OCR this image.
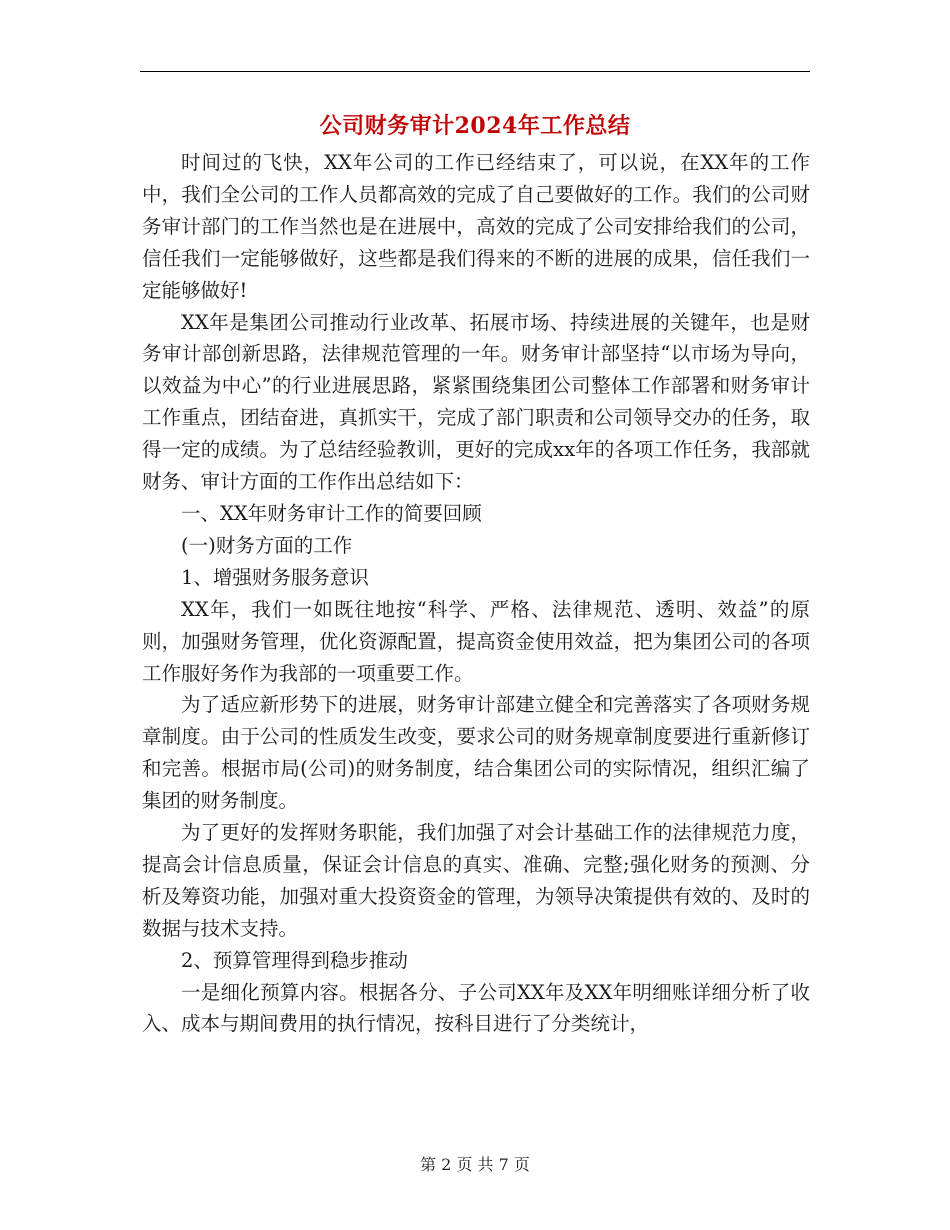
公司财务审计2024年工作总结

时间过的飞快，XX年公司的工作已经结束了，可以说，在XX年的工作中，我们全公司的工作人员都高效的完成了自己要做好的工作。我们的公司财务审计部门的工作当然也是在进展中，高效的完成了公司安排给我们的公司，信任我们一定能够做好，这些都是我们得来的不断的进展的成果，信任我们一定能够做好!

XX年是集团公司推动行业改革、拓展市场、持续进展的关键年，也是财务审计部创新思路，法律规范管理的一年。财务审计部坚持“以市场为导向，以效益为中心”的行业进展思路，紧紧围绕集团公司整体工作部署和财务审计工作重点，团结奋进，真抓实干，完成了部门职责和公司领导交办的任务，取得一定的成绩。为了总结经验教训，更好的完成xx年的各项工作任务，我部就财务、审计方面的工作作出总结如下：

一、XX年财务审计工作的简要回顾

(一)财务方面的工作

1、增强财务服务意识

XX年，我们一如既往地按“科学、严格、法律规范、透明、效益”的原则，加强财务管理，优化资源配置，提高资金使用效益，把为集团公司的各项工作服好务作为我部的一项重要工作。

为了适应新形势下的进展，财务审计部建立健全和完善落实了各项财务规章制度。由于公司的性质发生改变，要求公司的财务规章制度要进行重新修订和完善。根据市局(公司)的财务制度，结合集团公司的实际情况，组织汇编了集团的财务制度。

为了更好的发挥财务职能，我们加强了对会计基础工作的法律规范力度，提高会计信息质量，保证会计信息的真实、准确、完整;强化财务的预测、分析及筹资功能，加强对重大投资资金的管理，为领导决策提供有效的、及时的数据与技术支持。

2、预算管理得到稳步推动

一是细化预算内容。根据各分、子公司XX年及XX年明细账详细分析了收入、成本与期间费用的执行情况，按科目进行了分类统计，

第 2 页 共 7 页
